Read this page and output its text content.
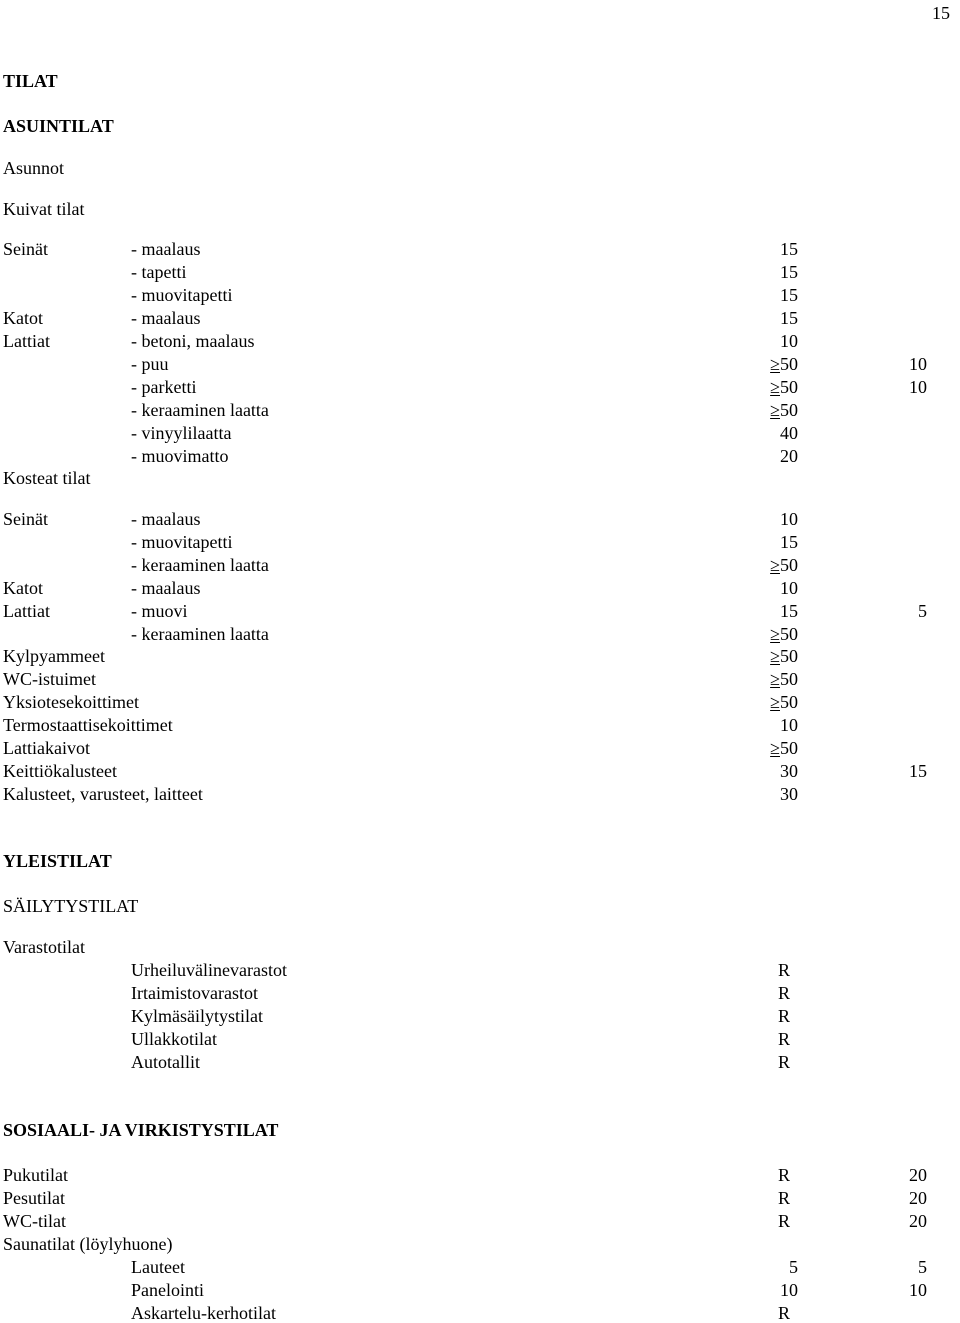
15
TILAT
ASUINTILAT
Asunnot
Kuivat tilat
Seinät	- maalaus	15
- tapetti	15
- muovitapetti	15
Katot	- maalaus	15
Lattiat	- betoni, maalaus	10
- puu	≥50	10
- parketti	≥50	10
- keraaminen laatta	≥50
- vinyylilaatta	40
- muovimatto	20
Kosteat tilat
Seinät	- maalaus	10
- muovitapetti	15
- keraaminen laatta	≥50
Katot	- maalaus	10
Lattiat	- muovi	15	5
- keraaminen laatta	≥50
Kylpyammeet	≥50
WC-istuimet	≥50
Yksiotesekoittimet	≥50
Termostaattisekoittimet	10
Lattiakaivot	≥50
Keittiökalusteet	30	15
Kalusteet, varusteet, laitteet	30
YLEISTILAT
SÄILYTYSTILAT
Varastotilat
Urheiluvälinevarastot	R
Irtaimistovarastot	R
Kylmäsäilytystilat	R
Ullakkotilat	R
Autotallit	R
SOSIAALI- JA VIRKISTYSTILAT
Pukutilat	R	20
Pesutilat	R	20
WC-tilat	R	20
Saunatilat (löylyhuone)
Lauteet	5	5
Panelointi	10	10
Askartelu-kerhotilat	R
